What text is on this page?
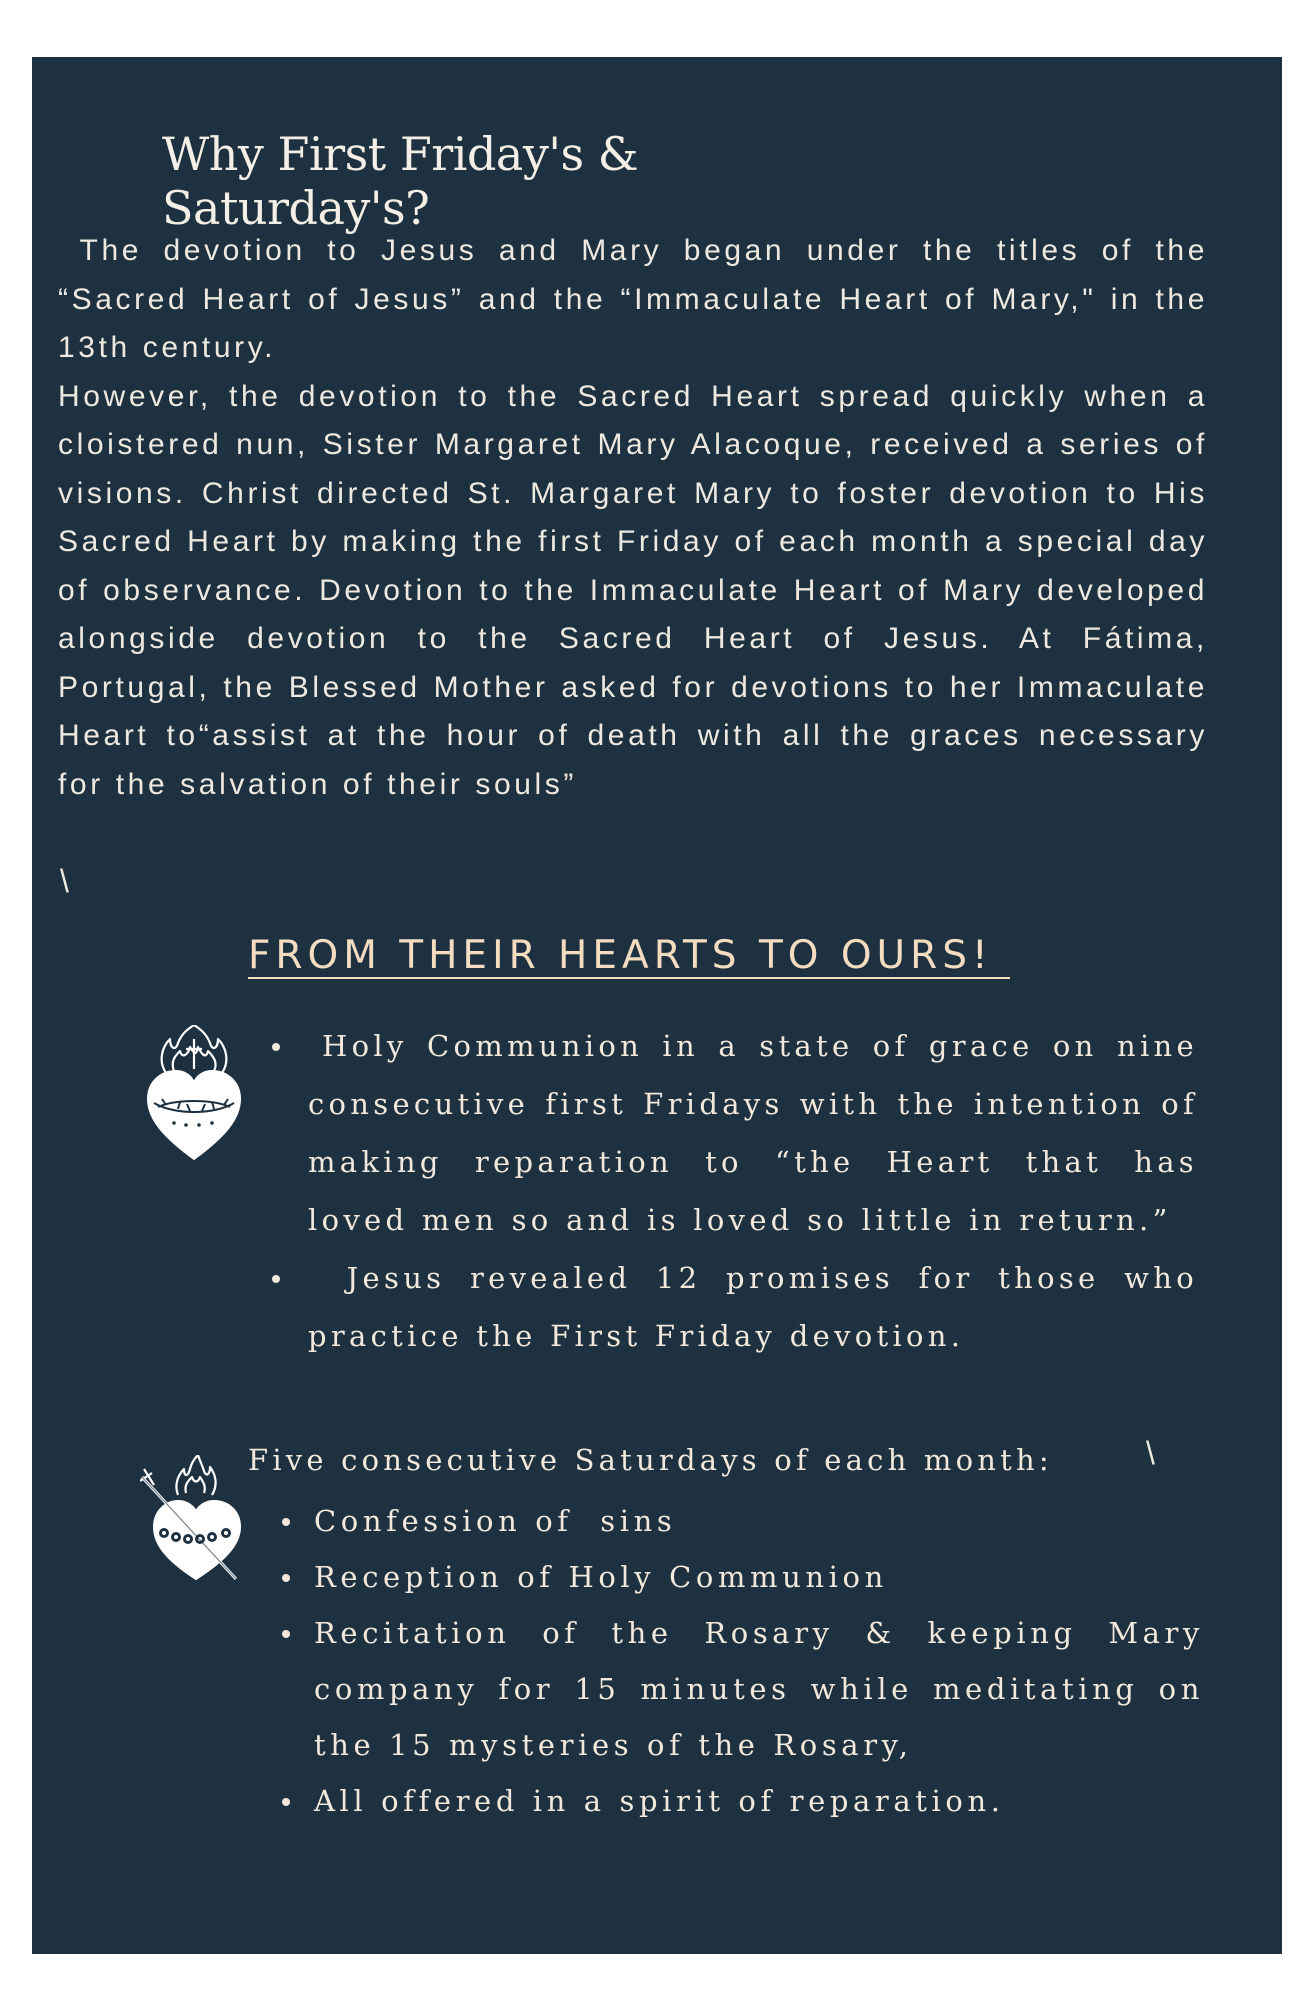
Why First Friday's & Saturday's?

The devotion to Jesus and Mary began under the titles of the “Sacred Heart of Jesus” and the “Immaculate Heart of Mary," in the 13th century.

However, the devotion to the Sacred Heart spread quickly when a cloistered nun, Sister Margaret Mary Alacoque, received a series of visions. Christ directed St. Margaret Mary to foster devotion to His Sacred Heart by making the first Friday of each month a special day of observance. Devotion to the Immaculate Heart of Mary developed alongside devotion to the Sacred Heart of Jesus. At Fátima, Portugal, the Blessed Mother asked for devotions to her Immaculate Heart to“assist at the hour of death with all the graces necessary for the salvation of their souls”

\
FROM THEIR HEARTS TO OURS!
Holy Communion in a state of grace on nine consecutive first Fridays with the intention of making reparation to “the Heart that has loved men so and is loved so little in return.”
Jesus revealed 12 promises for those who practice the First Friday devotion.
Five consecutive Saturdays of each month:	\
Confession of  sins
Reception of Holy Communion
Recitation of the Rosary & keeping Mary company for 15 minutes while meditating on the 15 mysteries of the Rosary,
All offered in a spirit of reparation.
